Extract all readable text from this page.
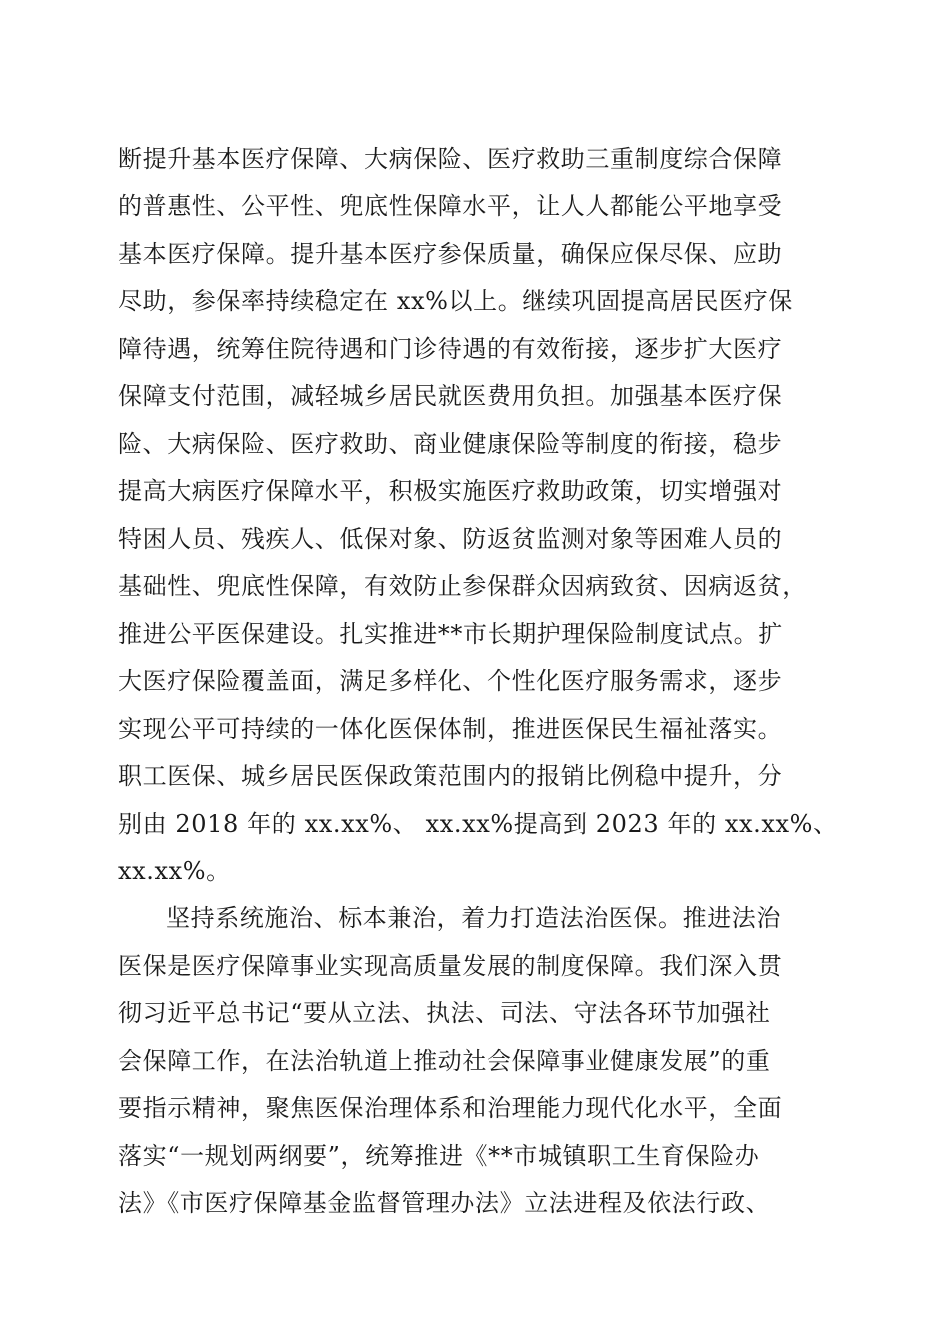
断提升基本医疗保障、大病保险、医疗救助三重制度综合保障
的普惠性、公平性、兜底性保障水平，让人人都能公平地享受
基本医疗保障。提升基本医疗参保质量，确保应保尽保、应助
尽助，参保率持续稳定在 xx%以上。继续巩固提高居民医疗保
障待遇，统筹住院待遇和门诊待遇的有效衔接，逐步扩大医疗
保障支付范围，减轻城乡居民就医费用负担。加强基本医疗保
险、大病保险、医疗救助、商业健康保险等制度的衔接，稳步
提高大病医疗保障水平，积极实施医疗救助政策，切实增强对
特困人员、残疾人、低保对象、防返贫监测对象等困难人员的
基础性、兜底性保障，有效防止参保群众因病致贫、因病返贫，
推进公平医保建设。扎实推进**市长期护理保险制度试点。扩
大医疗保险覆盖面，满足多样化、个性化医疗服务需求，逐步
实现公平可持续的一体化医保体制，推进医保民生福祉落实。
职工医保、城乡居民医保政策范围内的报销比例稳中提升，分
别由 2018 年的 xx.xx%、 xx.xx%提高到 2023 年的 xx.xx%、
xx.xx%。
坚持系统施治、标本兼治，着力打造法治医保。推进法治
医保是医疗保障事业实现高质量发展的制度保障。我们深入贯
彻习近平总书记“要从立法、执法、司法、守法各环节加强社
会保障工作，在法治轨道上推动社会保障事业健康发展”的重
要指示精神，聚焦医保治理体系和治理能力现代化水平，全面
落实“一规划两纲要”，统筹推进《**市城镇职工生育保险办
法》《市医疗保障基金监督管理办法》立法进程及依法行政、
